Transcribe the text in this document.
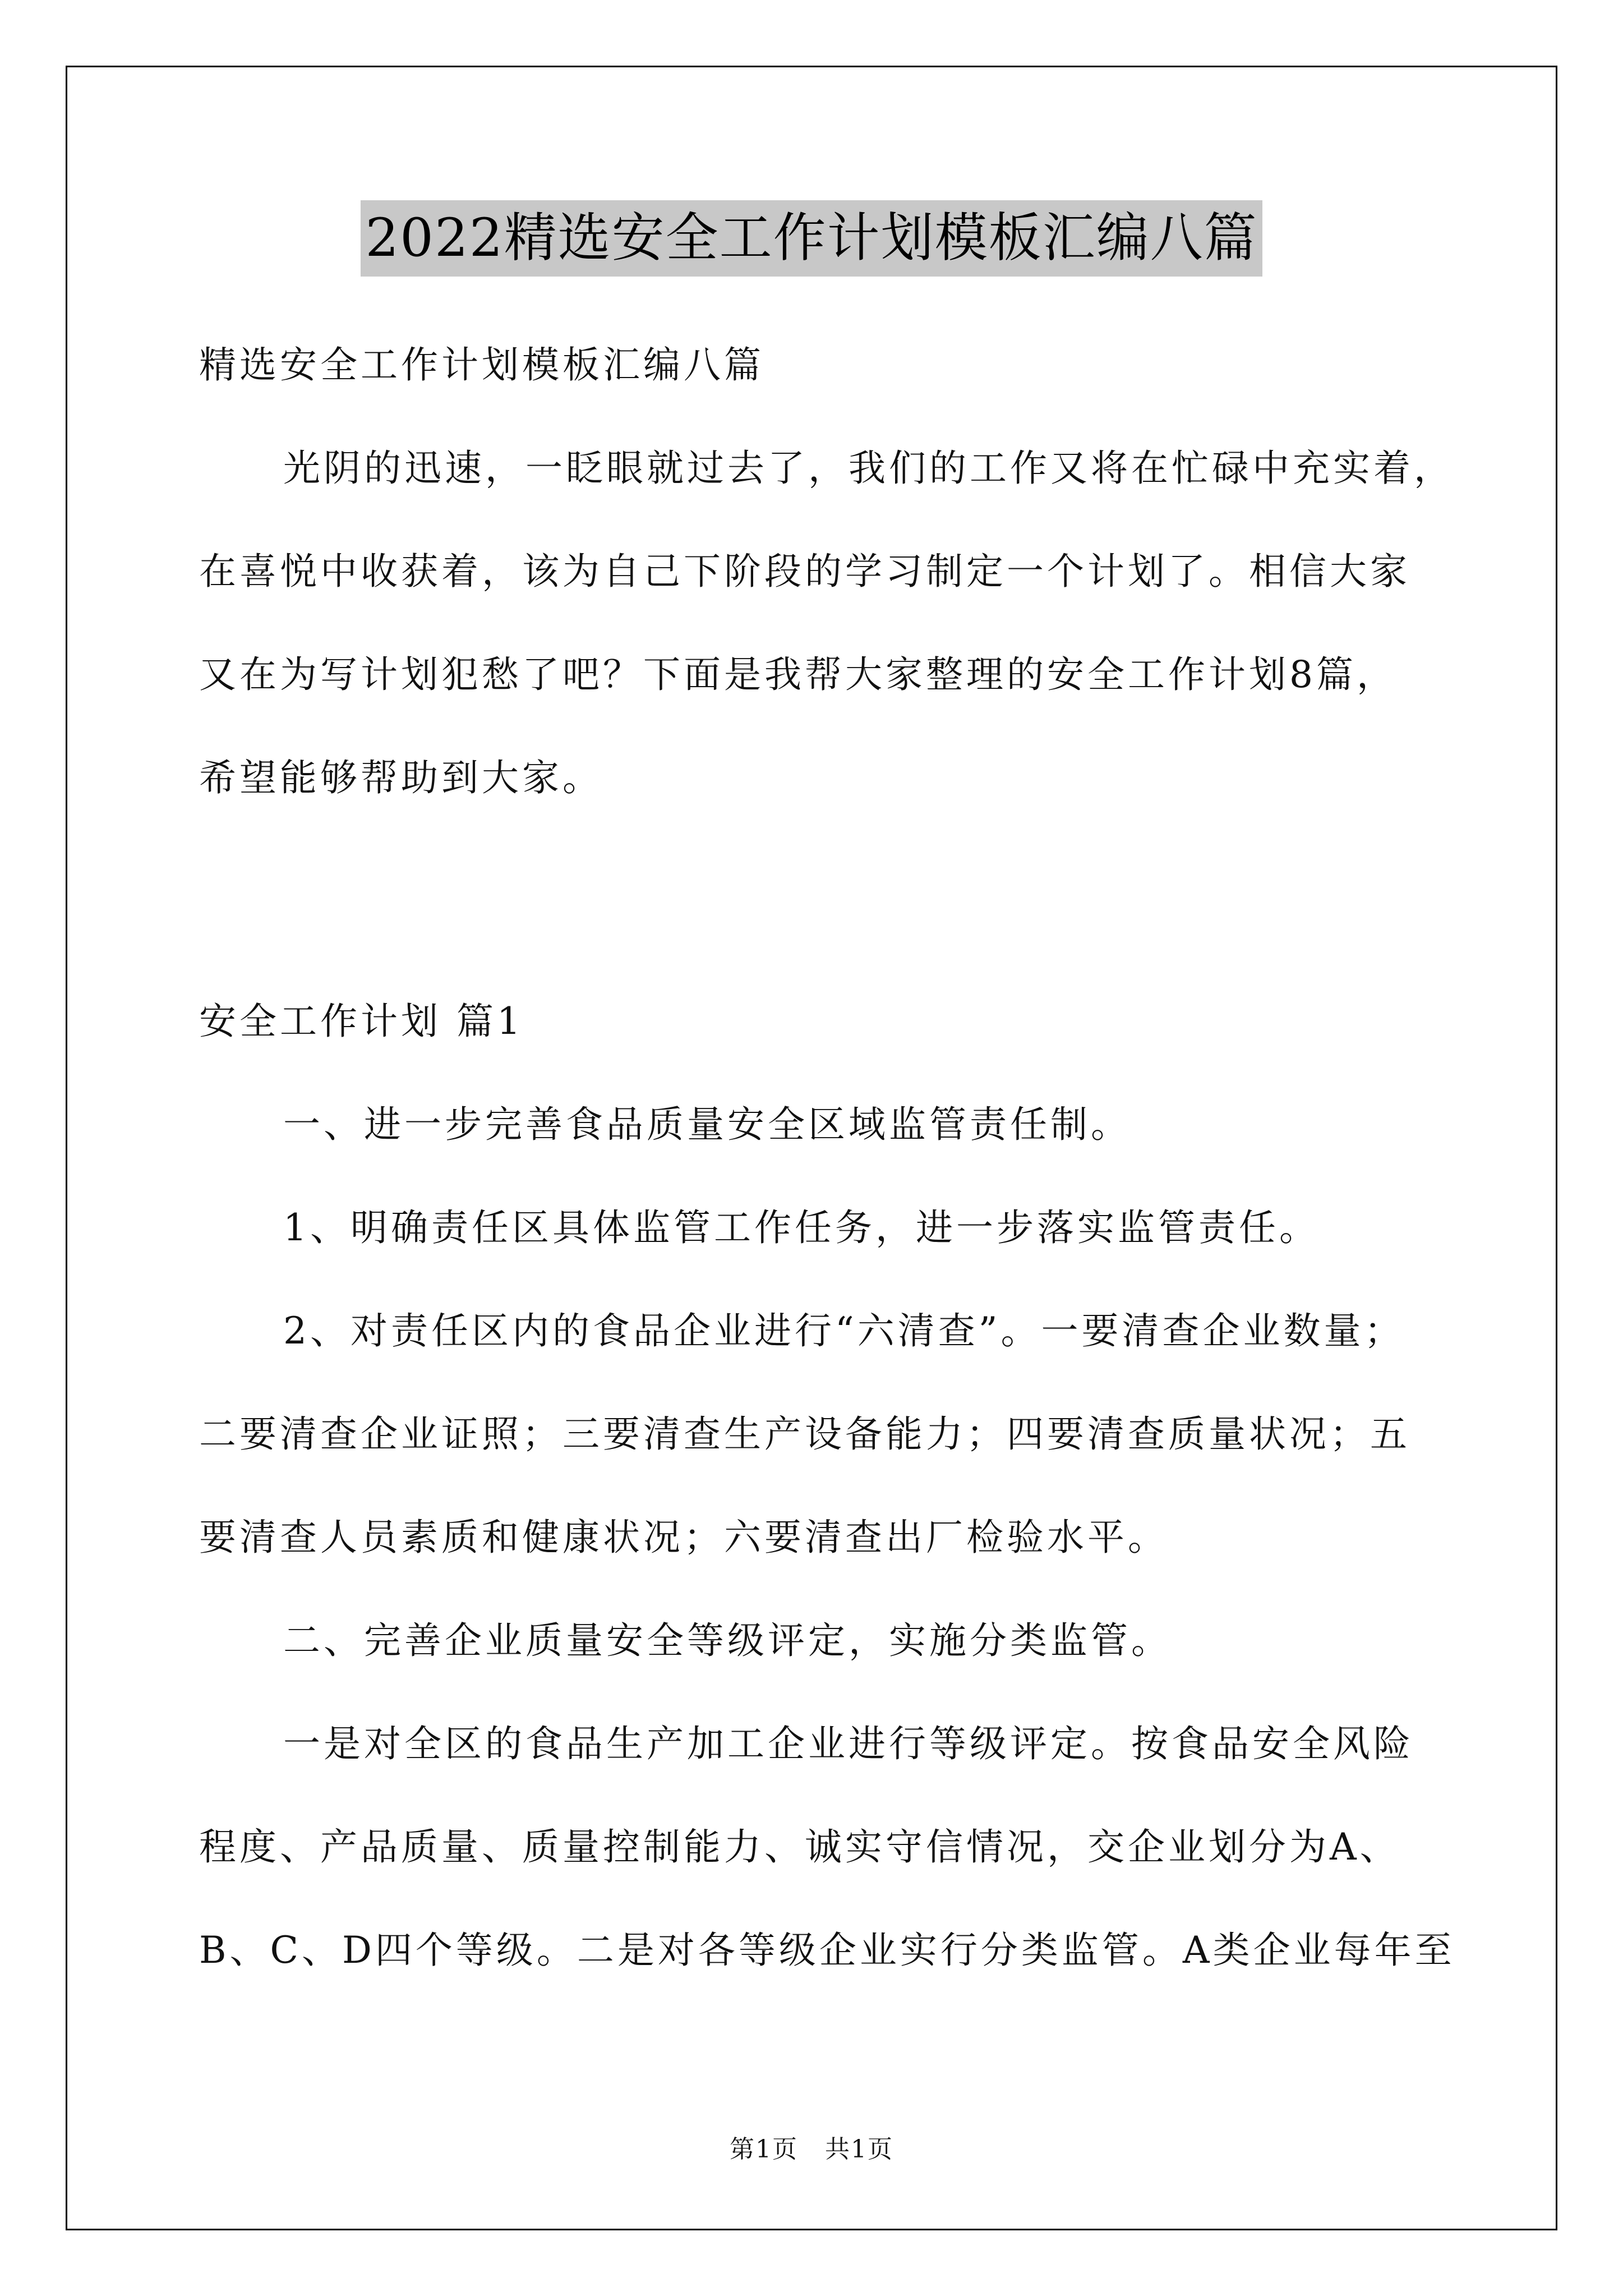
2022精选安全工作计划模板汇编八篇

精选安全工作计划模板汇编八篇

光阴的迅速，一眨眼就过去了，我们的工作又将在忙碌中充实着，

在喜悦中收获着，该为自己下阶段的学习制定一个计划了。相信大家

又在为写计划犯愁了吧？下面是我帮大家整理的安全工作计划8篇，

希望能够帮助到大家。

安全工作计划 篇1

一、进一步完善食品质量安全区域监管责任制。

1、明确责任区具体监管工作任务，进一步落实监管责任。

2、对责任区内的食品企业进行“六清查”。一要清查企业数量；

二要清查企业证照；三要清查生产设备能力；四要清查质量状况；五

要清查人员素质和健康状况；六要清查出厂检验水平。

二、完善企业质量安全等级评定，实施分类监管。

一是对全区的食品生产加工企业进行等级评定。按食品安全风险

程度、产品质量、质量控制能力、诚实守信情况，交企业划分为A、

B、C、D四个等级。二是对各等级企业实行分类监管。A类企业每年至

第1页   共1页
